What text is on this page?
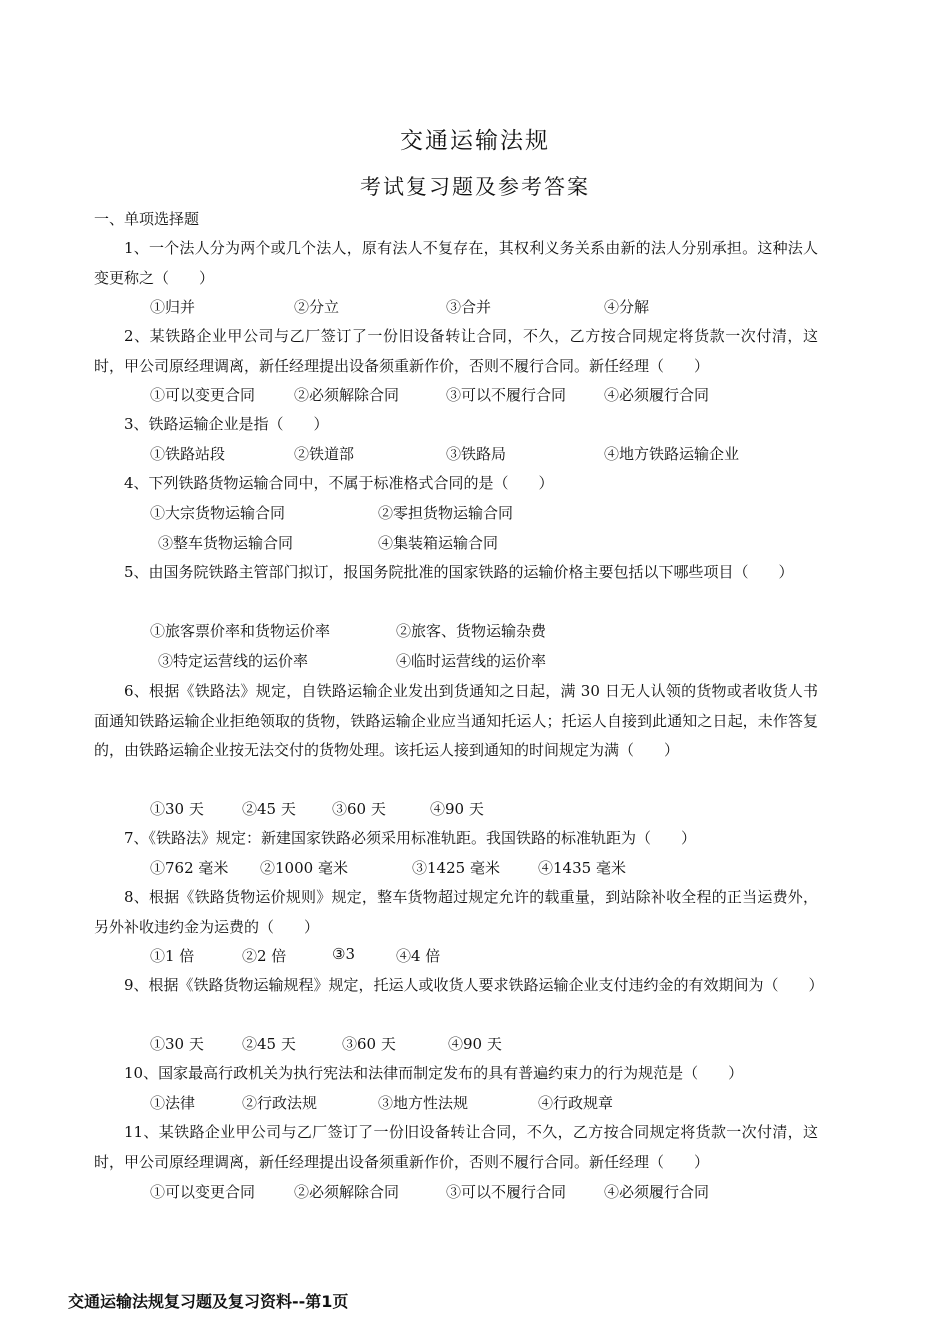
交通运输法规
考试复习题及参考答案
一、单项选择题
1、一个法人分为两个或几个法人，原有法人不复存在，其权利义务关系由新的法人分别承担。这种法人变更称之（　　）
①归并	②分立	③合并	④分解
2、某铁路企业甲公司与乙厂签订了一份旧设备转让合同，不久，乙方按合同规定将货款一次付清，这时，甲公司原经理调离，新任经理提出设备须重新作价，否则不履行合同。新任经理（　　）
①可以变更合同	②必须解除合同	③可以不履行合同	④必须履行合同
3、铁路运输企业是指（　　）
①铁路站段	②铁道部	③铁路局	④地方铁路运输企业
4、下列铁路货物运输合同中，不属于标准格式合同的是（　　）
①大宗货物运输合同	②零担货物运输合同
③整车货物运输合同	④集装箱运输合同
5、由国务院铁路主管部门拟订，报国务院批准的国家铁路的运输价格主要包括以下哪些项目（　　）
①旅客票价率和货物运价率	②旅客、货物运输杂费
③特定运营线的运价率	④临时运营线的运价率
6、根据《铁路法》规定，自铁路运输企业发出到货通知之日起，满 30 日无人认领的货物或者收货人书面通知铁路运输企业拒绝领取的货物，铁路运输企业应当通知托运人；托运人自接到此通知之日起，未作答复的，由铁路运输企业按无法交付的货物处理。该托运人接到通知的时间规定为满（　　）
①30 天	②45 天 ③60 天	④90 天
7、《铁路法》规定：新建国家铁路必须采用标准轨距。我国铁路的标准轨距为（　　）
①762 毫米 ②1000 毫米	③1425 毫米	④1435 毫米
8、根据《铁路货物运价规则》规定，整车货物超过规定允许的载重量，到站除补收全程的正当运费外，另外补收违约金为运费的（　　）
①1 倍	②2 倍	③3	④4 倍
9、根据《铁路货物运输规程》规定，托运人或收货人要求铁路运输企业支付违约金的有效期间为（　　）
①30 天	②45 天	③60 天	④90 天
10、国家最高行政机关为执行宪法和法律而制定发布的具有普遍约束力的行为规范是（　　）
①法律	②行政法规	③地方性法规	④行政规章
11、某铁路企业甲公司与乙厂签订了一份旧设备转让合同，不久，乙方按合同规定将货款一次付清，这时，甲公司原经理调离，新任经理提出设备须重新作价，否则不履行合同。新任经理（　　）
①可以变更合同	②必须解除合同	③可以不履行合同	④必须履行合同
交通运输法规复习题及复习资料--第1页
